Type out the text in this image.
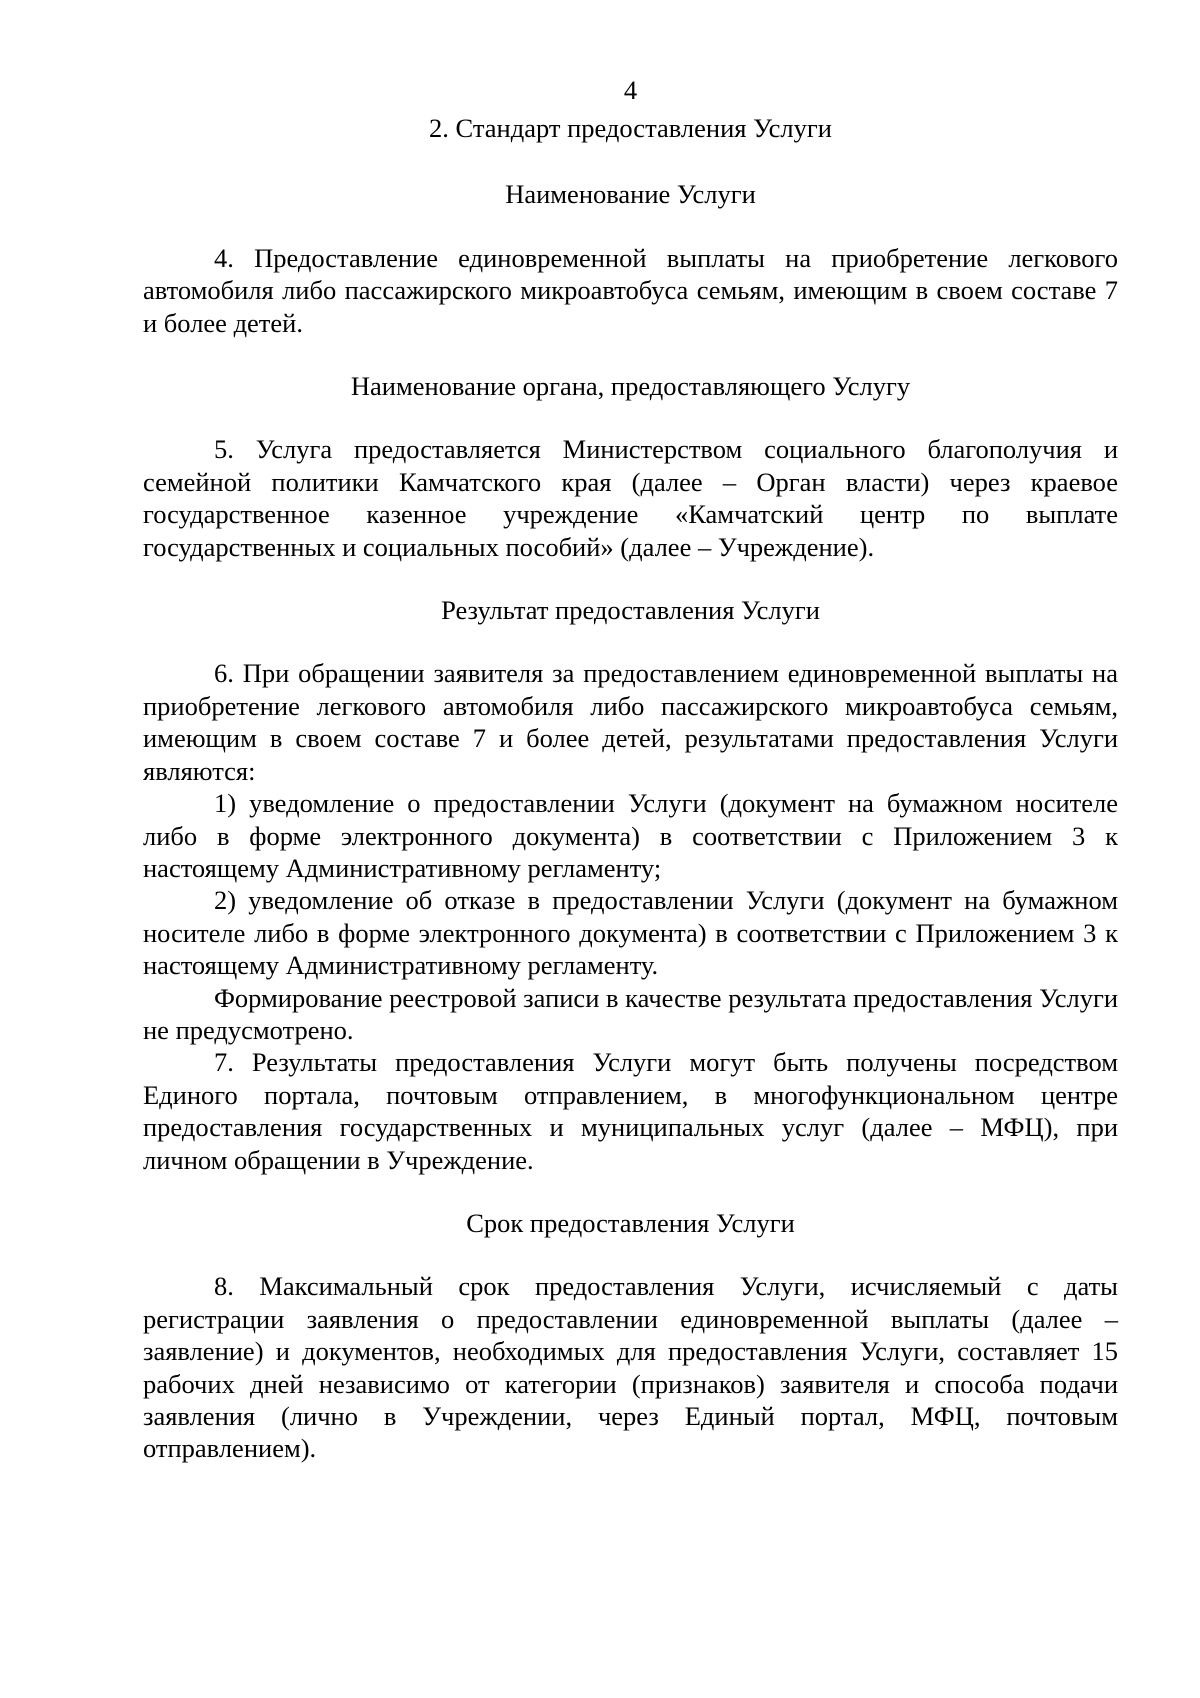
4

2. Стандарт предоставления Услуги

Наименование Услуги

4. Предоставление единовременной выплаты на приобретение легкового автомобиля либо пассажирского микроавтобуса семьям, имеющим в своем составе 7 и более детей.

Наименование органа, предоставляющего Услугу

5. Услуга предоставляется Министерством социального благополучия и семейной политики Камчатского края (далее – Орган власти) через краевое государственное казенное учреждение «Камчатский центр по выплате государственных и социальных пособий» (далее – Учреждение).

Результат предоставления Услуги

6. При обращении заявителя за предоставлением единовременной выплаты на приобретение легкового автомобиля либо пассажирского микроавтобуса семьям, имеющим в своем составе 7 и более детей, результатами предоставления Услуги являются:

1) уведомление о предоставлении Услуги (документ на бумажном носителе либо в форме электронного документа) в соответствии с Приложением 3 к настоящему Административному регламенту;

2) уведомление об отказе в предоставлении Услуги (документ на бумажном носителе либо в форме электронного документа) в соответствии с Приложением 3 к настоящему Административному регламенту.

Формирование реестровой записи в качестве результата предоставления Услуги не предусмотрено.

7. Результаты предоставления Услуги могут быть получены посредством Единого портала, почтовым отправлением, в многофункциональном центре предоставления государственных и муниципальных услуг (далее – МФЦ), при личном обращении в Учреждение.

Срок предоставления Услуги

8. Максимальный срок предоставления Услуги, исчисляемый с даты регистрации заявления о предоставлении единовременной выплаты (далее – заявление) и документов, необходимых для предоставления Услуги, составляет 15 рабочих дней независимо от категории (признаков) заявителя и способа подачи заявления (лично в Учреждении, через Единый портал, МФЦ, почтовым отправлением).
